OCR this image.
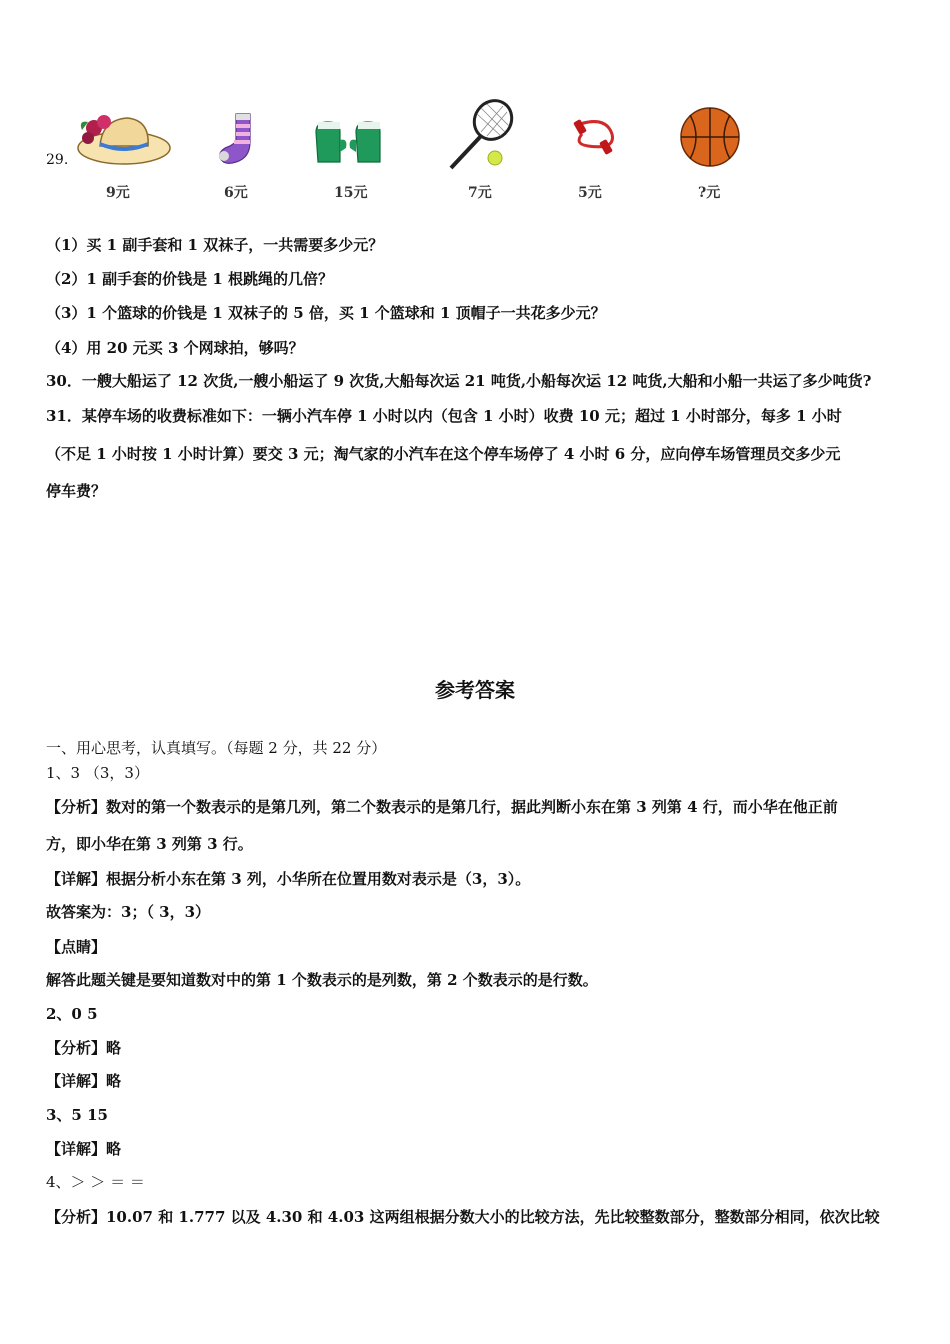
29.
9元	6元	15元	7元	5元	?元
（1）买 1 副手套和 1 双袜子，一共需要多少元？
（2）1 副手套的价钱是 1 根跳绳的几倍？
（3）1 个篮球的价钱是 1 双袜子的 5 倍，买 1 个篮球和 1 顶帽子一共花多少元？
（4）用 20 元买 3 个网球拍，够吗？
30．一艘大船运了 12 次货,一艘小船运了 9 次货,大船每次运 21 吨货,小船每次运 12 吨货,大船和小船一共运了多少吨货?
31．某停车场的收费标准如下：一辆小汽车停 1 小时以内（包含 1 小时）收费 10 元；超过 1 小时部分，每多 1 小时
（不足 1 小时按 1 小时计算）要交 3 元；淘气家的小汽车在这个停车场停了 4 小时 6 分，应向停车场管理员交多少元
停车费？
参考答案
一、用心思考，认真填写。（每题 2 分，共 22 分）
1、3 （3，3）
【分析】数对的第一个数表示的是第几列，第二个数表示的是第几行，据此判断小东在第 3 列第 4 行，而小华在他正前
方，即小华在第 3 列第 3 行。
【详解】根据分析小东在第 3 列，小华所在位置用数对表示是（3，3）。
故答案为：3；（ 3，3）
【点睛】
解答此题关键是要知道数对中的第 1 个数表示的是列数，第 2 个数表示的是行数。
2、0 5
【分析】略
【详解】略
3、5 15
【详解】略
4、＞ ＞ ＝ ＝
【分析】10.07 和 1.777 以及 4.30 和 4.03 这两组根据分数大小的比较方法，先比较整数部分，整数部分相同，依次比较
